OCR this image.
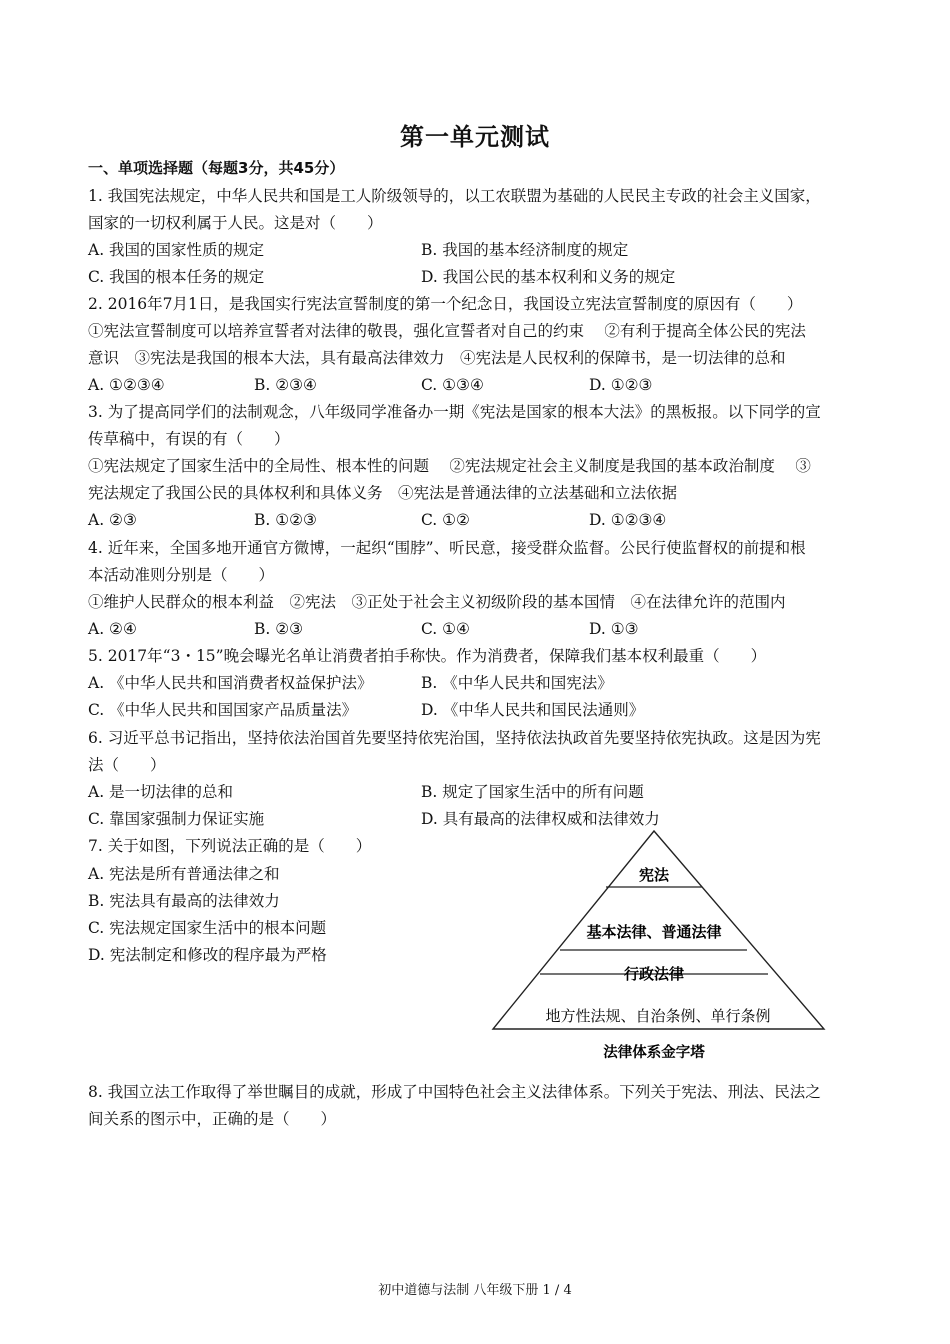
第一单元测试
一、单项选择题（每题3分，共45分）
1. 我国宪法规定，中华人民共和国是工人阶级领导的，以工农联盟为基础的人民民主专政的社会主义国家，
国家的一切权利属于人民。这是对（　　）
A. 我国的国家性质的规定	B. 我国的基本经济制度的规定
C. 我国的根本任务的规定	D. 我国公民的基本权利和义务的规定
2. 2016年7月1日，是我国实行宪法宣誓制度的第一个纪念日，我国设立宪法宣誓制度的原因有（　　）
①宪法宣誓制度可以培养宣誓者对法律的敬畏，强化宣誓者对自己的约束　 ②有利于提高全体公民的宪法
意识　③宪法是我国的根本大法，具有最高法律效力　④宪法是人民权利的保障书，是一切法律的总和
A. ①②③④	B. ②③④	C. ①③④	D. ①②③
3. 为了提高同学们的法制观念，八年级同学准备办一期《宪法是国家的根本大法》的黑板报。以下同学的宣
传草稿中，有误的有（　　）
①宪法规定了国家生活中的全局性、根本性的问题　 ②宪法规定社会主义制度是我国的基本政治制度　 ③
宪法规定了我国公民的具体权利和具体义务　④宪法是普通法律的立法基础和立法依据
A. ②③	B. ①②③	C. ①②	D. ①②③④
4. 近年来，全国多地开通官方微博，一起织“围脖”、听民意，接受群众监督。公民行使监督权的前提和根
本活动准则分别是（　　）
①维护人民群众的根本利益　②宪法　③正处于社会主义初级阶段的基本国情　④在法律允许的范围内
A. ②④	B. ②③	C. ①④	D. ①③
5. 2017年“3・15”晚会曝光名单让消费者拍手称快。作为消费者，保障我们基本权利最重（　　）
A. 《中华人民共和国消费者权益保护法》	B. 《中华人民共和国宪法》
C. 《中华人民共和国国家产品质量法》	D. 《中华人民共和国民法通则》
6. 习近平总书记指出，坚持依法治国首先要坚持依宪治国，坚持依法执政首先要坚持依宪执政。这是因为宪
法（　　）
A. 是一切法律的总和	B. 规定了国家生活中的所有问题
C. 靠国家强制力保证实施	D. 具有最高的法律权威和法律效力
7. 关于如图，下列说法正确的是（　　）
A. 宪法是所有普通法律之和
B. 宪法具有最高的法律效力
C. 宪法规定国家生活中的根本问题
D. 宪法制定和修改的程序最为严格
宪法
基本法律、普通法律
行政法律
地方性法规、自治条例、单行条例
法律体系金字塔
8. 我国立法工作取得了举世瞩目的成就，形成了中国特色社会主义法律体系。下列关于宪法、刑法、民法之
间关系的图示中，正确的是（　　）
初中道德与法制 八年级下册 1 / 4
